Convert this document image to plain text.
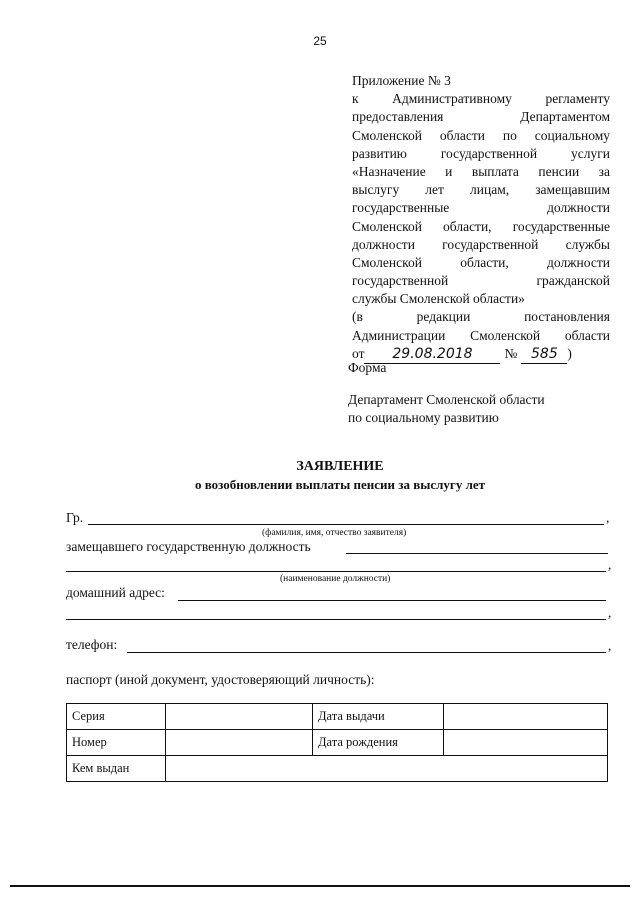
25
Приложение № 3
к Административному регламенту
предоставления Департаментом
Смоленской области по социальному
развитию государственной услуги
«Назначение и выплата пенсии за
выслугу лет лицам, замещавшим
государственные должности
Смоленской области, государственные
должности государственной службы
Смоленской области, должности
государственной гражданской
службы Смоленской области»
(в редакции постановления
Администрации Смоленской области
от	29.08.2018	№ 585 )
Форма
Департамент Смоленской области
по социальному развитию
ЗАЯВЛЕНИЕ
о возобновлении выплаты пенсии за выслугу лет
Гр.	,
(фамилия, имя, отчество заявителя)
замещавшего государственную должность
,
(наименование должности)
домашний адрес:
,
телефон:	,
паспорт (иной документ, удостоверяющий личность):
Серия		Дата выдачи	
Номер		Дата рождения	
Кем выдан			
